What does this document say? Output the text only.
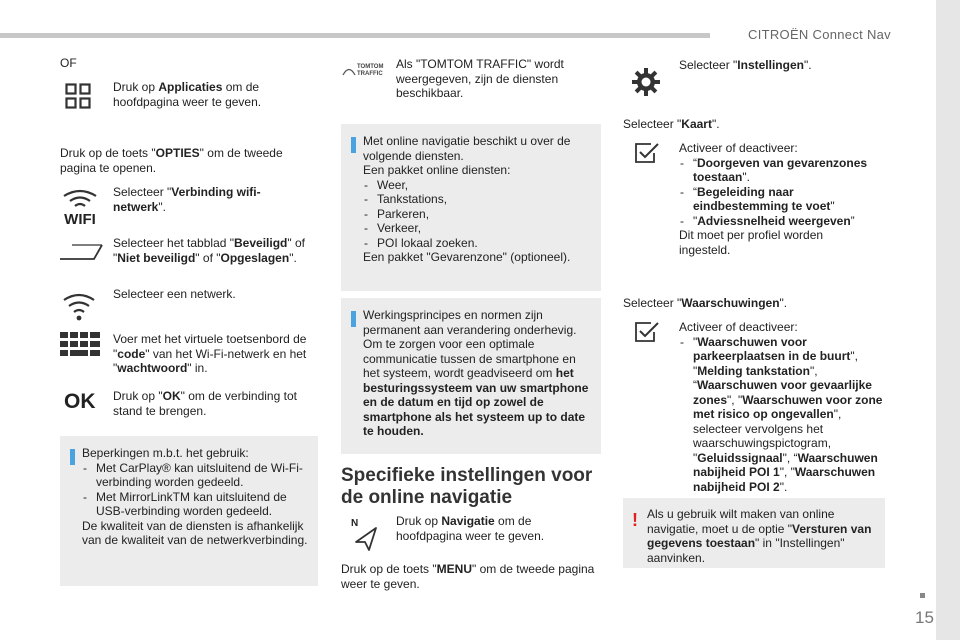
CITROËN Connect Nav
15
OF
Druk op Applicaties om de hoofdpagina weer te geven.
Druk op de toets "OPTIES" om de tweede pagina te openen.
WIFI
Selecteer "Verbinding wifi-netwerk".
Selecteer het tabblad "Beveiligd" of "Niet beveiligd" of "Opgeslagen".
Selecteer een netwerk.
Voer met het virtuele toetsenbord de "code" van het Wi-Fi-netwerk en het "wachtwoord" in.
OK Druk op "OK" om de verbinding tot stand te brengen.
Beperkingen m.b.t. het gebruik:
- Met CarPlay® kan uitsluitend de Wi-Fi-verbinding worden gedeeld.
- Met MirrorLinkTM kan uitsluitend de USB-verbinding worden gedeeld.
De kwaliteit van de diensten is afhankelijk van de kwaliteit van de netwerkverbinding.
TOMTOM
TRAFFIC
Als "TOMTOM TRAFFIC" wordt weergegeven, zijn de diensten beschikbaar.
Met online navigatie beschikt u over de volgende diensten.
Een pakket online diensten:
- Weer,
- Tankstations,
- Parkeren,
- Verkeer,
- POI lokaal zoeken.
Een pakket "Gevarenzone" (optioneel).
Werkingsprincipes en normen zijn permanent aan verandering onderhevig. Om te zorgen voor een optimale communicatie tussen de smartphone en het systeem, wordt geadviseerd om het besturingssysteem van uw smartphone en de datum en tijd op zowel de smartphone als het systeem up to date te houden.
Specifieke instellingen voor de online navigatie
N	Druk op Navigatie om de hoofdpagina weer te geven.
Druk op de toets "MENU" om de tweede pagina weer te geven.
Selecteer "Instellingen".
Selecteer "Kaart".
Activeer of deactiveer:
- “Doorgeven van gevarenzones toestaan".
- “Begeleiding naar eindbestemming te voet"
- "Adviessnelheid weergeven”
Dit moet per profiel worden ingesteld.
Selecteer "Waarschuwingen".
Activeer of deactiveer:
- "Waarschuwen voor parkeerplaatsen in de buurt", "Melding tankstation", “Waarschuwen voor gevaarlijke zones", "Waarschuwen voor zone met risico op ongevallen", selecteer vervolgens het waarschuwingspictogram, "Geluidssignaal", “Waarschuwen nabijheid POI 1", "Waarschuwen nabijheid POI 2".
! Als u gebruik wilt maken van online navigatie, moet u de optie "Versturen van gegevens toestaan" in "Instellingen" aanvinken.
